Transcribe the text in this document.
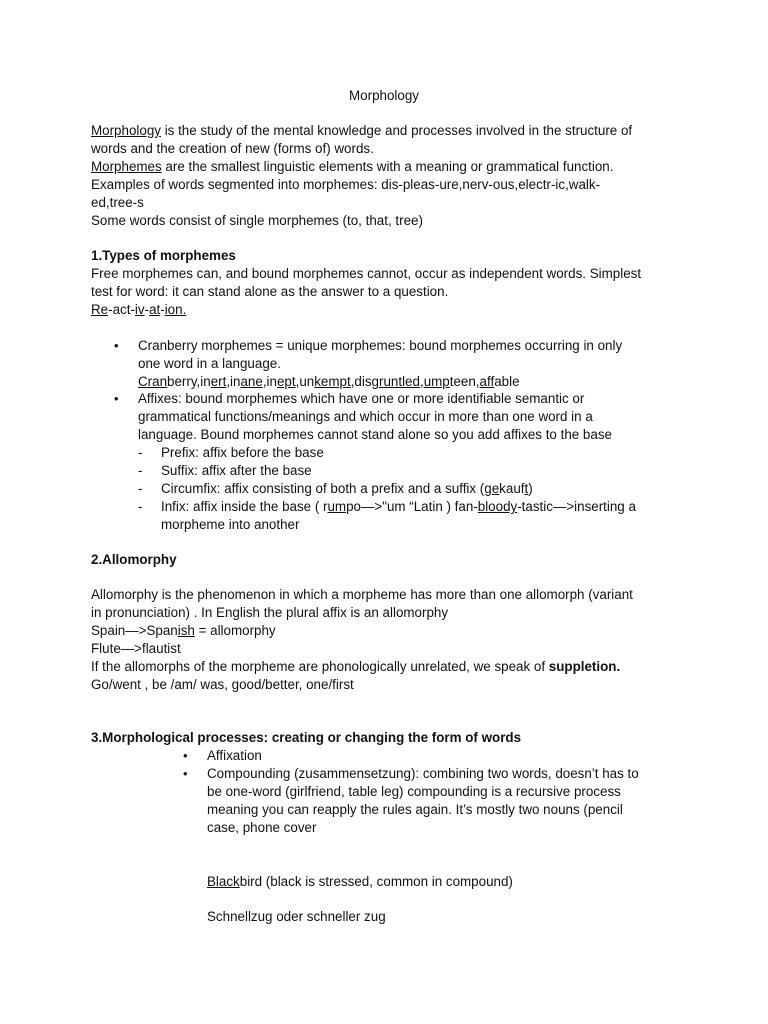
Morphology

Morphology is the study of the mental knowledge and processes involved in the structure of

words and the creation of new (forms of) words.

Morphemes are the smallest linguistic elements with a meaning or grammatical function.

Examples of words segmented into morphemes: dis-pleas-ure,nerv-ous,electr-ic,walk-

ed,tree-s

Some words consist of single morphemes (to, that, tree)

1.Types of morphemes

Free morphemes can, and bound morphemes cannot, occur as independent words. Simplest

test for word: it can stand alone as the answer to a question.

Re-act-iv-at-ion.

• Cranberry morphemes = unique morphemes: bound morphemes occurring in only

one word in a language.

Cranberry,inert,inane,inept,unkempt,disgruntled,umpteen,affable

• Affixes: bound morphemes which have one or more identifiable semantic or

grammatical functions/meanings and which occur in more than one word in a

language. Bound morphemes cannot stand alone so you add affixes to the base

- Prefix: affix before the base
- Suffix: affix after the base
- Circumfix: affix consisting of both a prefix and a suffix (gekauft)
- Infix: affix inside the base ( rumpo—>"um “Latin ) fan-bloody-tastic—>inserting a
morpheme into another

2.Allomorphy

Allomorphy is the phenomenon in which a morpheme has more than one allomorph (variant

in pronunciation) . In English the plural affix is an allomorphy

Spain—>Spanish = allomorphy

Flute—>flautist

If the allomorphs of the morpheme are phonologically unrelated, we speak of suppletion.

Go/went , be /am/ was, good/better, one/first

3.Morphological processes: creating or changing the form of words

• Affixation

• Compounding (zusammensetzung): combining two words, doesn’t has to

be one-word (girlfriend, table leg) compounding is a recursive process

meaning you can reapply the rules again. It’s mostly two nouns (pencil

case, phone cover

Blackbird (black is stressed, common in compound)

Schnellzug oder schneller zug
